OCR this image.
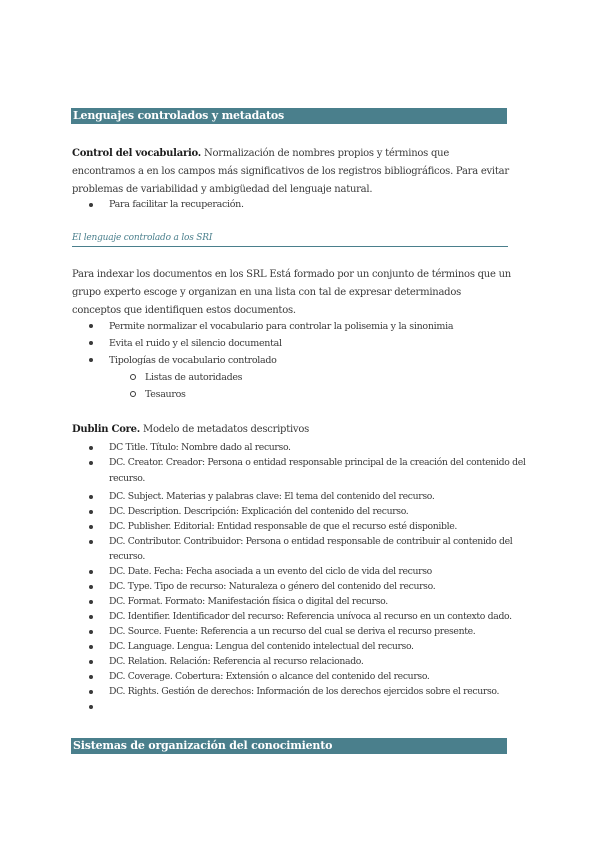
Lenguajes controlados y metadatos
Control del vocabulario. Normalización de nombres propios y términos que encontramos a en los campos más significativos de los registros bibliográficos. Para evitar problemas de variabilidad y ambigüedad del lenguaje natural.
Para facilitar la recuperación.
El lenguaje controlado a los SRI
Para indexar los documentos en los SRL Está formado por un conjunto de términos que un grupo experto escoge y organizan en una lista con tal de expresar determinados conceptos que identifiquen estos documentos.
Permite normalizar el vocabulario para controlar la polisemia y la sinonimia
Evita el ruido y el silencio documental
Tipologías de vocabulario controlado
Listas de autoridades
Tesauros
Dublin Core. Modelo de metadatos descriptivos
DC Title. Título: Nombre dado al recurso.
DC. Creator. Creador: Persona o entidad responsable principal de la creación del contenido del recurso.
DC. Subject. Materias y palabras clave: El tema del contenido del recurso.
DC. Description. Descripción: Explicación del contenido del recurso.
DC. Publisher. Editorial: Entidad responsable de que el recurso esté disponible.
DC. Contributor. Contribuidor: Persona o entidad responsable de contribuir al contenido del recurso.
DC. Date. Fecha: Fecha asociada a un evento del ciclo de vida del recurso
DC. Type. Tipo de recurso: Naturaleza o género del contenido del recurso.
DC. Format. Formato: Manifestación física o digital del recurso.
DC. Identifier. Identificador del recurso: Referencia unívoca al recurso en un contexto dado.
DC. Source. Fuente: Referencia a un recurso del cual se deriva el recurso presente.
DC. Language. Lengua: Lengua del contenido intelectual del recurso.
DC. Relation. Relación: Referencia al recurso relacionado.
DC. Coverage. Cobertura: Extensión o alcance del contenido del recurso.
DC. Rights. Gestión de derechos: Información de los derechos ejercidos sobre el recurso.

Sistemas de organización del conocimiento
